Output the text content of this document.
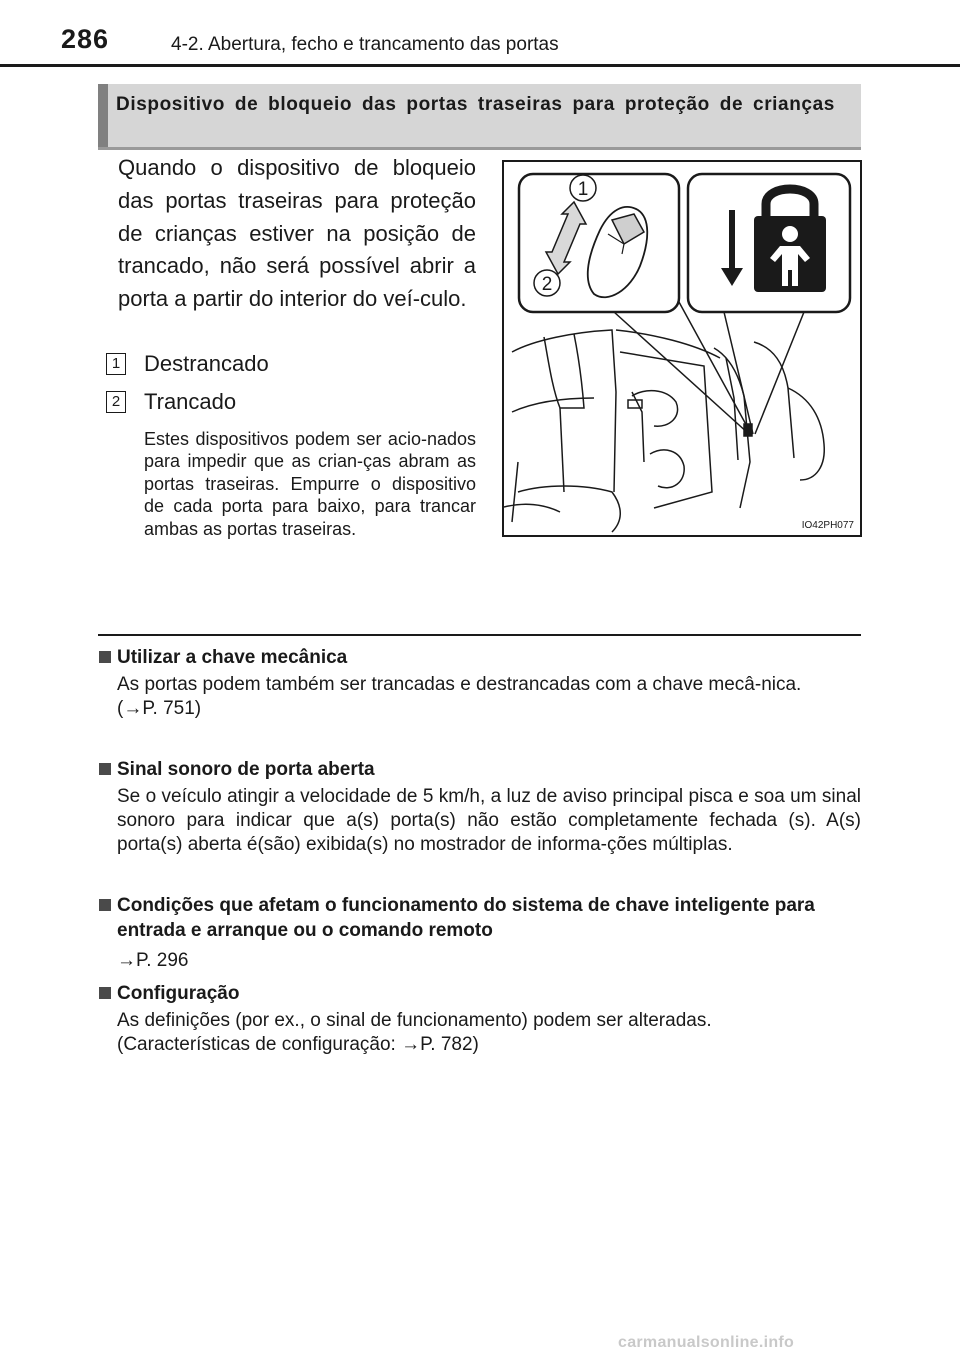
286	4-2. Abertura, fecho e trancamento das portas
Dispositivo de bloqueio das portas traseiras para proteção de crianças
Quando o dispositivo de bloqueio das portas traseiras para proteção de crianças estiver na posição de trancado, não será possível abrir a porta a partir do interior do veí-culo.
1 Destrancado
2 Trancado
Estes dispositivos podem ser acio-nados para impedir que as crian-ças abram as portas traseiras. Empurre o dispositivo de cada porta para baixo, para trancar ambas as portas traseiras.
1
2
IO42PH077
Utilizar a chave mecânica
As portas podem também ser trancadas e destrancadas com a chave mecâ-nica.
(→P. 751)
Sinal sonoro de porta aberta
Se o veículo atingir a velocidade de 5 km/h, a luz de aviso principal pisca e soa um sinal sonoro para indicar que a(s) porta(s) não estão completamente fechada (s). A(s) porta(s) aberta é(são) exibida(s) no mostrador de informa-ções múltiplas.
Condições que afetam o funcionamento do sistema de chave inteligente para entrada e arranque ou o comando remoto
→P. 296
Configuração
As definições (por ex., o sinal de funcionamento) podem ser alteradas.
(Características de configuração: →P. 782)
carmanualsonline.info
